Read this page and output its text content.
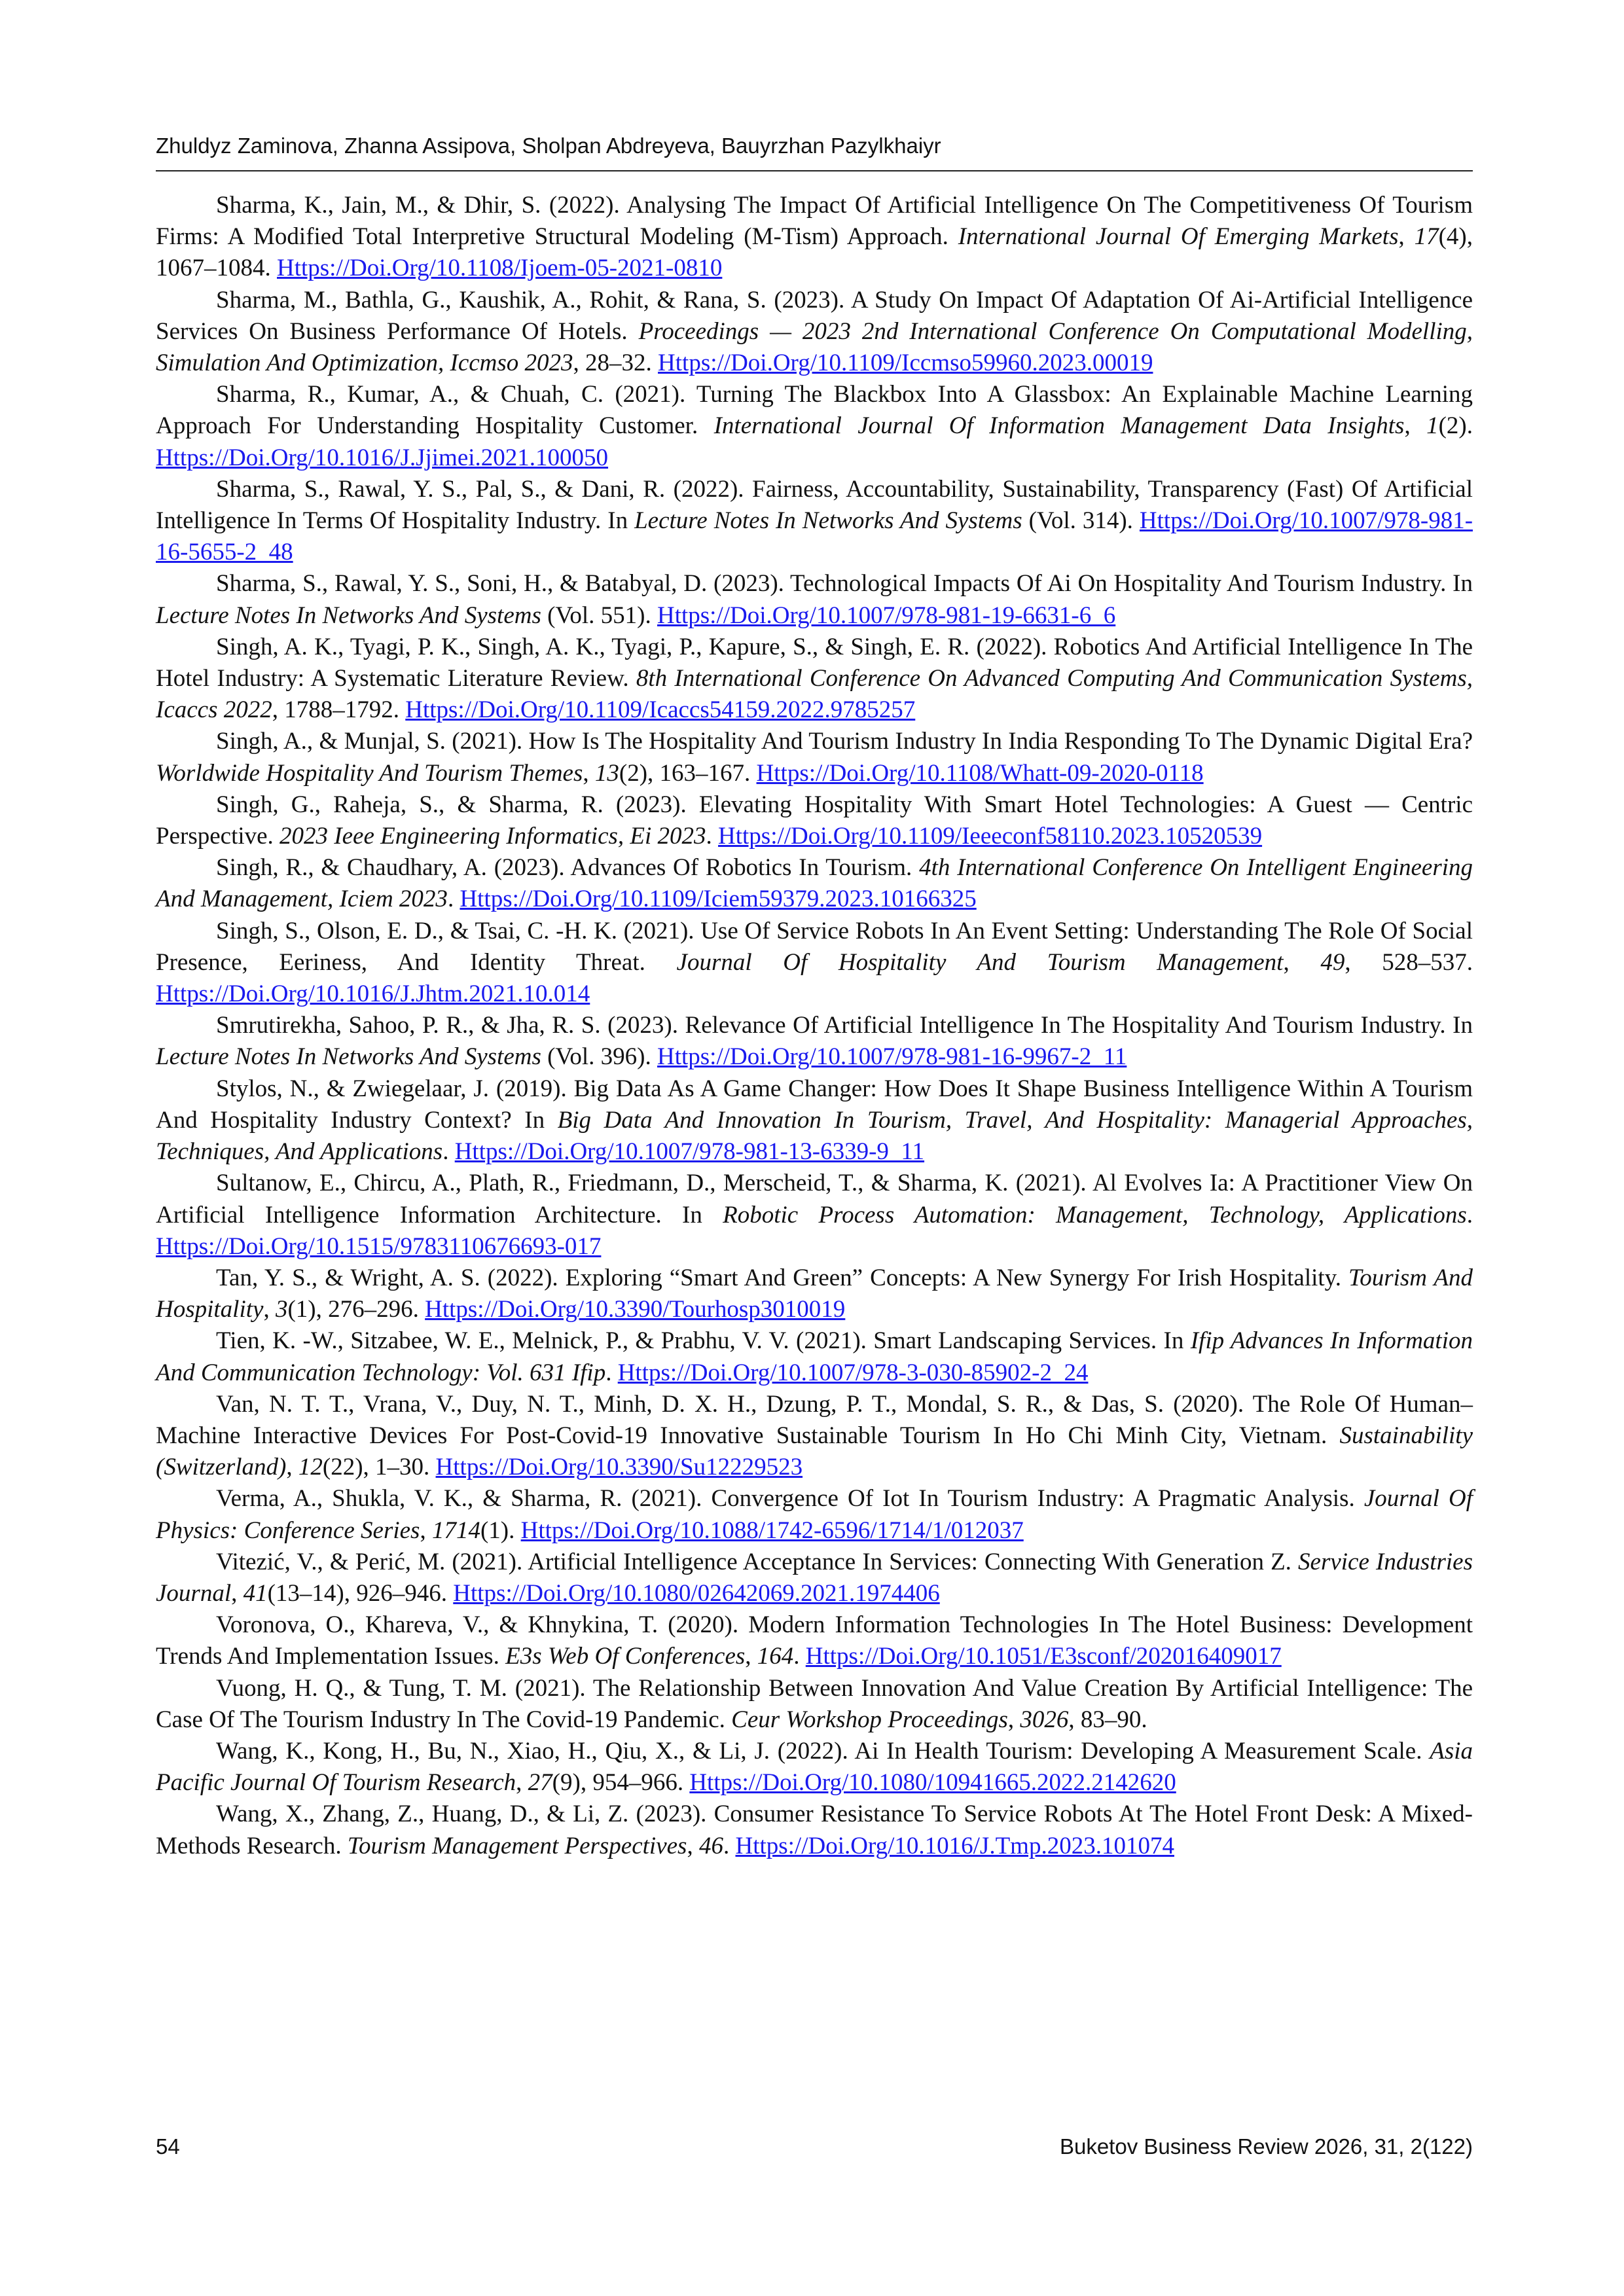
Zhuldyz Zaminova, Zhanna Assipova, Sholpan Abdreyeva, Bauyrzhan Pazylkhaiyr

Sharma, K., Jain, M., & Dhir, S. (2022). Analysing The Impact Of Artificial Intelligence On The Competitiveness Of Tourism Firms: A Modified Total Interpretive Structural Modeling (M-Tism) Approach. International Journal Of Emerging Markets, 17(4), 1067–1084. Https://Doi.Org/10.1108/Ijoem-05-2021-0810

Sharma, M., Bathla, G., Kaushik, A., Rohit, & Rana, S. (2023). A Study On Impact Of Adaptation Of Ai-Artificial Intelligence Services On Business Performance Of Hotels. Proceedings — 2023 2nd International Conference On Computational Modelling, Simulation And Optimization, Iccmso 2023, 28–32. Https://Doi.Org/10.1109/Iccmso59960.2023.00019

Sharma, R., Kumar, A., & Chuah, C. (2021). Turning The Blackbox Into A Glassbox: An Explainable Machine Learning Approach For Understanding Hospitality Customer. International Journal Of Information Management Data Insights, 1(2). Https://Doi.Org/10.1016/J.Jjimei.2021.100050

Sharma, S., Rawal, Y. S., Pal, S., & Dani, R. (2022). Fairness, Accountability, Sustainability, Transparency (Fast) Of Artificial Intelligence In Terms Of Hospitality Industry. In Lecture Notes In Networks And Systems (Vol. 314). Https://Doi.Org/10.1007/978-981-16-5655-2_48

Sharma, S., Rawal, Y. S., Soni, H., & Batabyal, D. (2023). Technological Impacts Of Ai On Hospitality And Tourism Industry. In Lecture Notes In Networks And Systems (Vol. 551). Https://Doi.Org/10.1007/978-981-19-6631-6_6

Singh, A. K., Tyagi, P. K., Singh, A. K., Tyagi, P., Kapure, S., & Singh, E. R. (2022). Robotics And Artificial Intelligence In The Hotel Industry: A Systematic Literature Review. 8th International Conference On Advanced Computing And Communication Systems, Icaccs 2022, 1788–1792. Https://Doi.Org/10.1109/Icaccs54159.2022.9785257

Singh, A., & Munjal, S. (2021). How Is The Hospitality And Tourism Industry In India Responding To The Dynamic Digital Era? Worldwide Hospitality And Tourism Themes, 13(2), 163–167. Https://Doi.Org/10.1108/Whatt-09-2020-0118

Singh, G., Raheja, S., & Sharma, R. (2023). Elevating Hospitality With Smart Hotel Technologies: A Guest — Centric Perspective. 2023 Ieee Engineering Informatics, Ei 2023. Https://Doi.Org/10.1109/Ieeeconf58110.2023.10520539

Singh, R., & Chaudhary, A. (2023). Advances Of Robotics In Tourism. 4th International Conference On Intelligent Engineering And Management, Iciem 2023. Https://Doi.Org/10.1109/Iciem59379.2023.10166325

Singh, S., Olson, E. D., & Tsai, C. -H. K. (2021). Use Of Service Robots In An Event Setting: Understanding The Role Of Social Presence, Eeriness, And Identity Threat. Journal Of Hospitality And Tourism Management, 49, 528–537. Https://Doi.Org/10.1016/J.Jhtm.2021.10.014

Smrutirekha, Sahoo, P. R., & Jha, R. S. (2023). Relevance Of Artificial Intelligence In The Hospitality And Tourism Industry. In Lecture Notes In Networks And Systems (Vol. 396). Https://Doi.Org/10.1007/978-981-16-9967-2_11

Stylos, N., & Zwiegelaar, J. (2019). Big Data As A Game Changer: How Does It Shape Business Intelligence Within A Tourism And Hospitality Industry Context? In Big Data And Innovation In Tourism, Travel, And Hospitality: Managerial Approaches, Techniques, And Applications. Https://Doi.Org/10.1007/978-981-13-6339-9_11

Sultanow, E., Chircu, A., Plath, R., Friedmann, D., Merscheid, T., & Sharma, K. (2021). Al Evolves Ia: A Practitioner View On Artificial Intelligence Information Architecture. In Robotic Process Automation: Management, Technology, Applications. Https://Doi.Org/10.1515/9783110676693-017

Tan, Y. S., & Wright, A. S. (2022). Exploring “Smart And Green” Concepts: A New Synergy For Irish Hospitality. Tourism And Hospitality, 3(1), 276–296. Https://Doi.Org/10.3390/Tourhosp3010019

Tien, K. -W., Sitzabee, W. E., Melnick, P., & Prabhu, V. V. (2021). Smart Landscaping Services. In Ifip Advances In Information And Communication Technology: Vol. 631 Ifip. Https://Doi.Org/10.1007/978-3-030-85902-2_24

Van, N. T. T., Vrana, V., Duy, N. T., Minh, D. X. H., Dzung, P. T., Mondal, S. R., & Das, S. (2020). The Role Of Human–Machine Interactive Devices For Post-Covid-19 Innovative Sustainable Tourism In Ho Chi Minh City, Vietnam. Sustainability (Switzerland), 12(22), 1–30. Https://Doi.Org/10.3390/Su12229523

Verma, A., Shukla, V. K., & Sharma, R. (2021). Convergence Of Iot In Tourism Industry: A Pragmatic Analysis. Journal Of Physics: Conference Series, 1714(1). Https://Doi.Org/10.1088/1742-6596/1714/1/012037

Vitezić, V., & Perić, M. (2021). Artificial Intelligence Acceptance In Services: Connecting With Generation Z. Service Industries Journal, 41(13–14), 926–946. Https://Doi.Org/10.1080/02642069.2021.1974406

Voronova, O., Khareva, V., & Khnykina, T. (2020). Modern Information Technologies In The Hotel Business: Development Trends And Implementation Issues. E3s Web Of Conferences, 164. Https://Doi.Org/10.1051/E3sconf/202016409017

Vuong, H. Q., & Tung, T. M. (2021). The Relationship Between Innovation And Value Creation By Artificial Intelligence: The Case Of The Tourism Industry In The Covid-19 Pandemic. Ceur Workshop Proceedings, 3026, 83–90.

Wang, K., Kong, H., Bu, N., Xiao, H., Qiu, X., & Li, J. (2022). Ai In Health Tourism: Developing A Measurement Scale. Asia Pacific Journal Of Tourism Research, 27(9), 954–966. Https://Doi.Org/10.1080/10941665.2022.2142620

Wang, X., Zhang, Z., Huang, D., & Li, Z. (2023). Consumer Resistance To Service Robots At The Hotel Front Desk: A Mixed-Methods Research. Tourism Management Perspectives, 46. Https://Doi.Org/10.1016/J.Tmp.2023.101074

54	Buketov Business Review 2026, 31, 2(122)
